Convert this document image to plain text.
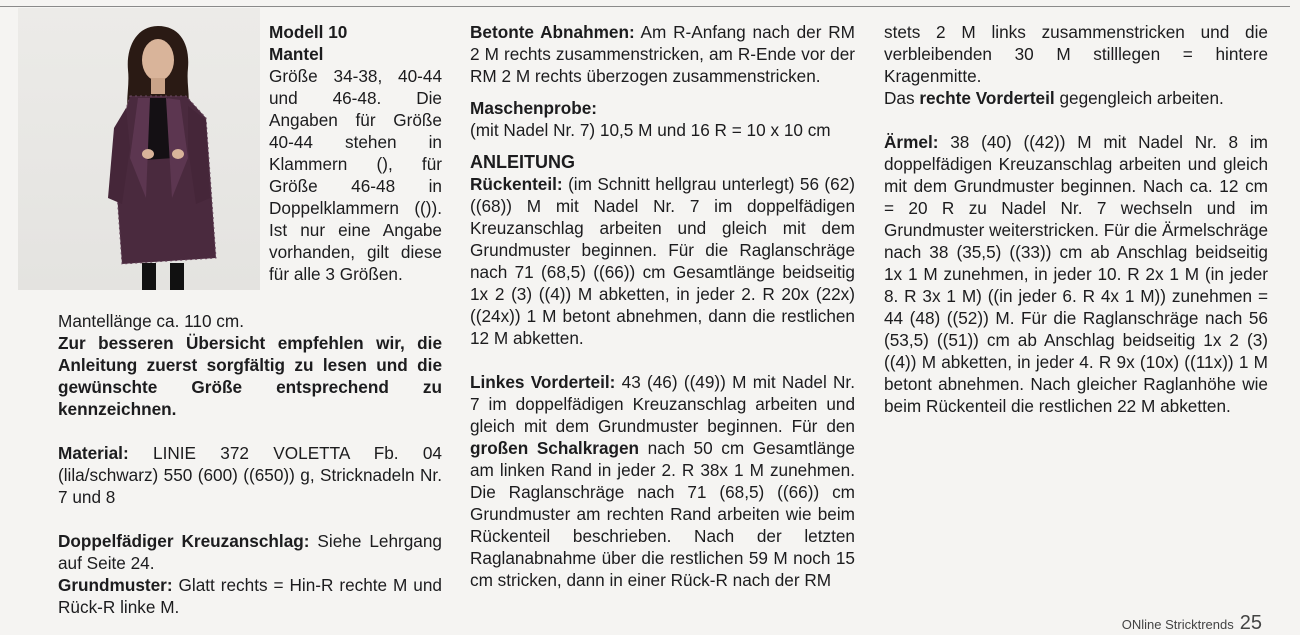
Modell 10

Mantel

Größe 34-38, 40-44 und 46-48. Die Angaben für Größe 40-44 stehen in Klammern (), für Größe 46-48 in Doppelklammern (()). Ist nur eine Angabe vorhanden, gilt diese für alle 3 Größen.

Mantellänge ca. 110 cm.

Zur besseren Übersicht empfehlen wir, die Anleitung zuerst sorgfältig zu lesen und die gewünschte Größe entsprechend zu kennzeichnen.

Material: LINIE 372 VOLETTA Fb. 04 (lila/schwarz) 550 (600) ((650)) g, Stricknadeln Nr. 7 und 8

Doppelfädiger Kreuzanschlag: Siehe Lehrgang auf Seite 24.

Grundmuster: Glatt rechts = Hin-R rechte M und Rück-R linke M.

Betonte Abnahmen: Am R-Anfang nach der RM 2 M rechts zusammenstricken, am R-Ende vor der RM 2 M rechts überzogen zusammenstricken.

Maschenprobe:

(mit Nadel Nr. 7) 10,5 M und 16 R = 10 x 10 cm

ANLEITUNG

Rückenteil: (im Schnitt hellgrau unterlegt) 56 (62) ((68)) M mit Nadel Nr. 7 im doppelfädigen Kreuzanschlag arbeiten und gleich mit dem Grundmuster beginnen. Für die Raglanschräge nach 71 (68,5) ((66)) cm Gesamtlänge beidseitig 1x 2 (3) ((4)) M abketten, in jeder 2. R 20x (22x) ((24x)) 1 M betont abnehmen, dann die restlichen 12 M abketten.

Linkes Vorderteil: 43 (46) ((49)) M mit Nadel Nr. 7 im doppelfädigen Kreuzanschlag arbeiten und gleich mit dem Grundmuster beginnen. Für den großen Schalkragen nach 50 cm Gesamtlänge am linken Rand in jeder 2. R 38x 1 M zunehmen. Die Raglanschräge nach 71 (68,5) ((66)) cm Grundmuster am rechten Rand arbeiten wie beim Rückenteil beschrieben. Nach der letzten Raglanabnahme über die restlichen 59 M noch 15 cm stricken, dann in einer Rück-R nach der RM

stets 2 M links zusammenstricken und die verbleibenden 30 M stilllegen = hintere Kragenmitte.

Das rechte Vorderteil gegengleich arbeiten.

Ärmel: 38 (40) ((42)) M mit Nadel Nr. 8 im doppelfädigen Kreuzanschlag arbeiten und gleich mit dem Grundmuster beginnen. Nach ca. 12 cm = 20 R zu Nadel Nr. 7 wechseln und im Grundmuster weiterstricken. Für die Ärmelschräge nach 38 (35,5) ((33)) cm ab Anschlag beidseitig 1x 1 M zunehmen, in jeder 10. R 2x 1 M (in jeder 8. R 3x 1 M) ((in jeder 6. R 4x 1 M)) zunehmen = 44 (48) ((52)) M. Für die Raglanschräge nach 56 (53,5) ((51)) cm ab Anschlag beidseitig 1x 2 (3) ((4)) M abketten, in jeder 4. R 9x (10x) ((11x)) 1 M betont abnehmen. Nach gleicher Raglanhöhe wie beim Rückenteil die restlichen 22 M abketten.

ONline Stricktrends 25
